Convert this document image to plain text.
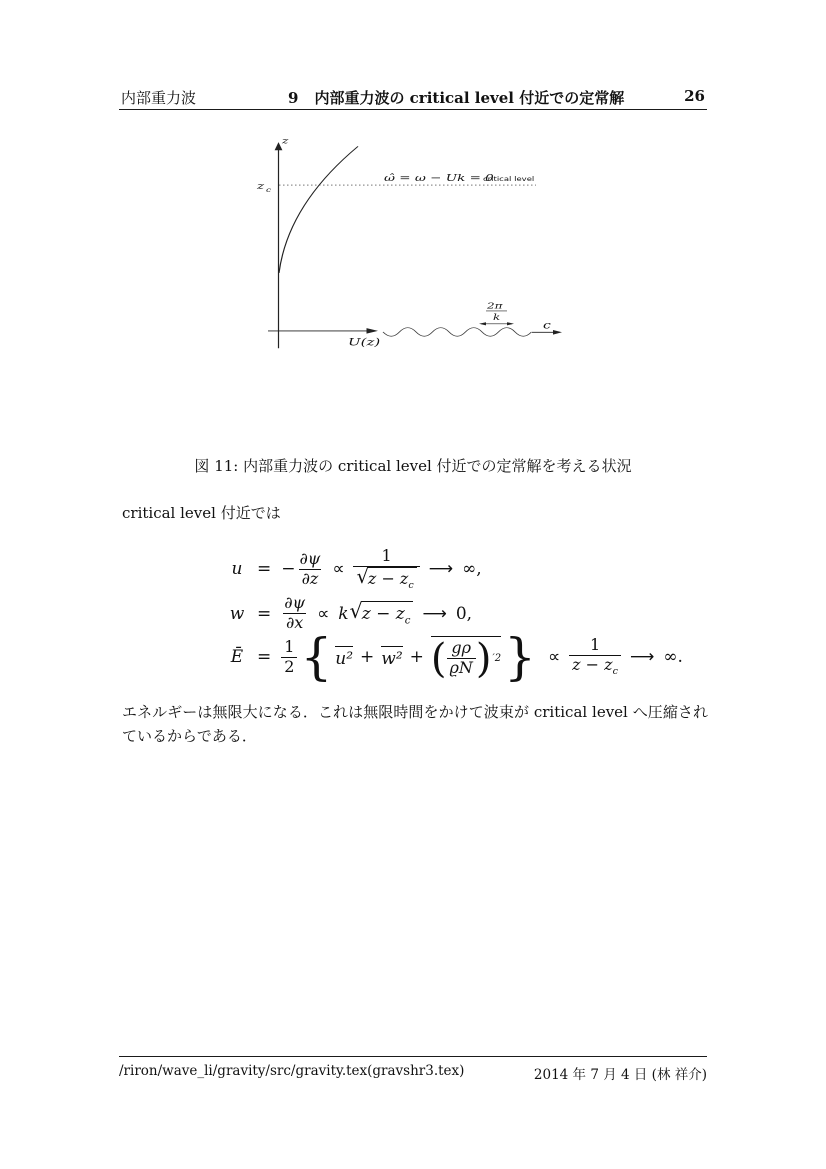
内部重力波	9 内部重力波の critical level 付近での定常解	26
z
z c
ω̂ = ω − Uk = 0
critical level
U(z)
2π
k
c
図 11: 内部重力波の critical level 付近での定常解を考える状況
critical level 付近では
u = − $\frac{\partial\psi}{\partial z} \propto \frac{1}{√ z - z_c}$ ⟶ ∞,
$w = \frac{\partial\psi}{\partial x} \propto k$ √ $z - z_c$ ⟶ 0,
Ē = $\frac{1}{2}$ { u² + w² + ( $\frac{g\rho}{ϱN}$ ) ′2 } ∝ $\frac{1}{z - z_c}$ ⟶ ∞.
エネルギーは無限大になる．これは無限時間をかけて波束が critical level へ圧縮されているからである．
/riron/wave_li/gravity/src/gravity.tex(gravshr3.tex)	2014 年 7 月 4 日 (林 祥介)
